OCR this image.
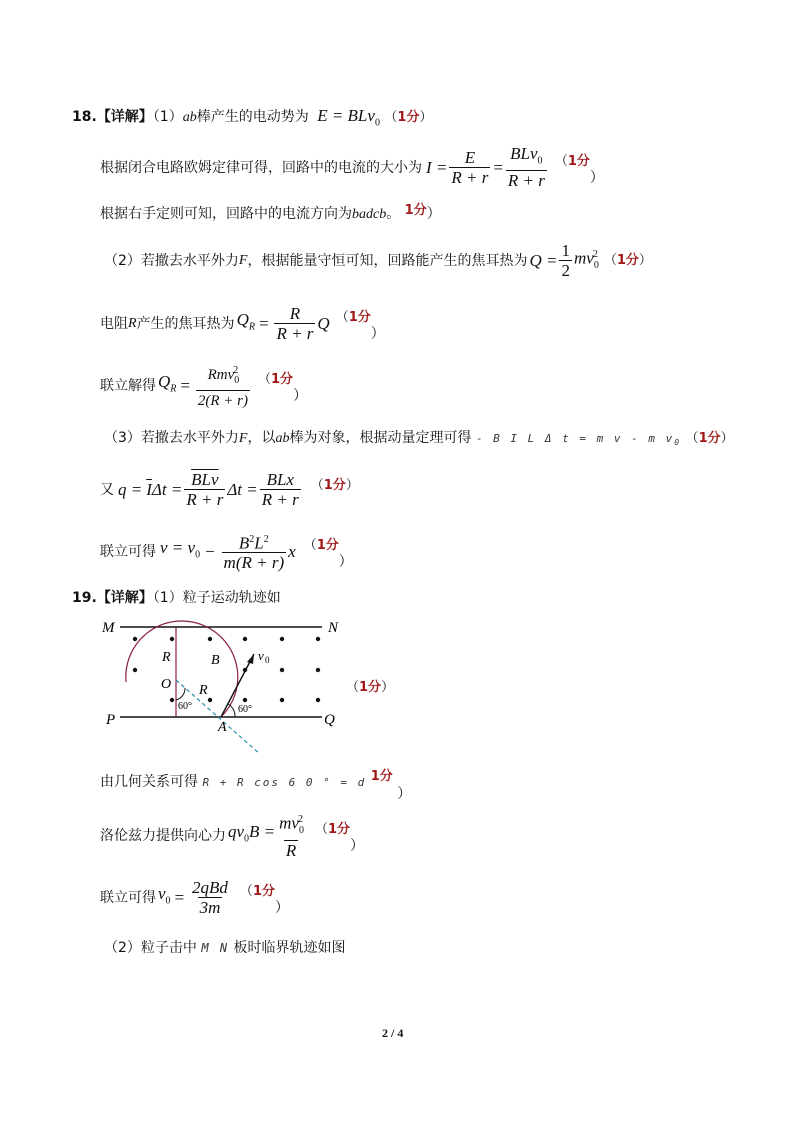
18.【详解】（1）ab棒产生的电动势为 E = BLv$_0$ （1分）
根据闭合电路欧姆定律可得，回路中的电流的大小为 $I = \frac{E}{R + r} = \frac{BLv_0}{R + r} (1$分
）
根据右手定则可知，回路中的电流方向为badcb。 1分）
（2）若撤去水平外力 F ，根据能量守恒可知，回路能产生的焦耳热为 $Q = \frac{1}{2} mv_0^2$ （1分）
电阻 R 产生的焦耳热为 $Q_R = \frac{R}{R + r}$ Q （1分
）
联立解得 $Q_R = \frac{Rmv_0^2}{2(R + r)} (1$分
）
（3）若撤去水平外力F，以ab棒为对象，根据动量定理可得 - B I L Δ t = m v - m $v_0$ （1分）
又 $q = \overline{I}$ $\Delta t = \frac{\overline{BLv}}{R + r}$ $\Delta t = \frac{\text{BLx}}{R + r} (1$分）
联立可得 $v = v_0 - \frac{B^2L^2}{m(R + r)}$ x （1分
）
19.【详解】（1）粒子运动轨迹如
M	N
P	Q
R
O R
B	v 0
A
60°	60°
（1分）
由几何关系可得 R + R cos 6 0 ° = d 1分 ）
洛伦兹力提供向心力 $qv_0B = \frac{mv_0^2}{R} (1$分
）
联立可得 $v_0 = \frac{\text{2qBd}}{3m} (1$分
）
（2）粒子击中 M N 板时临界轨迹如图
2 / 4
